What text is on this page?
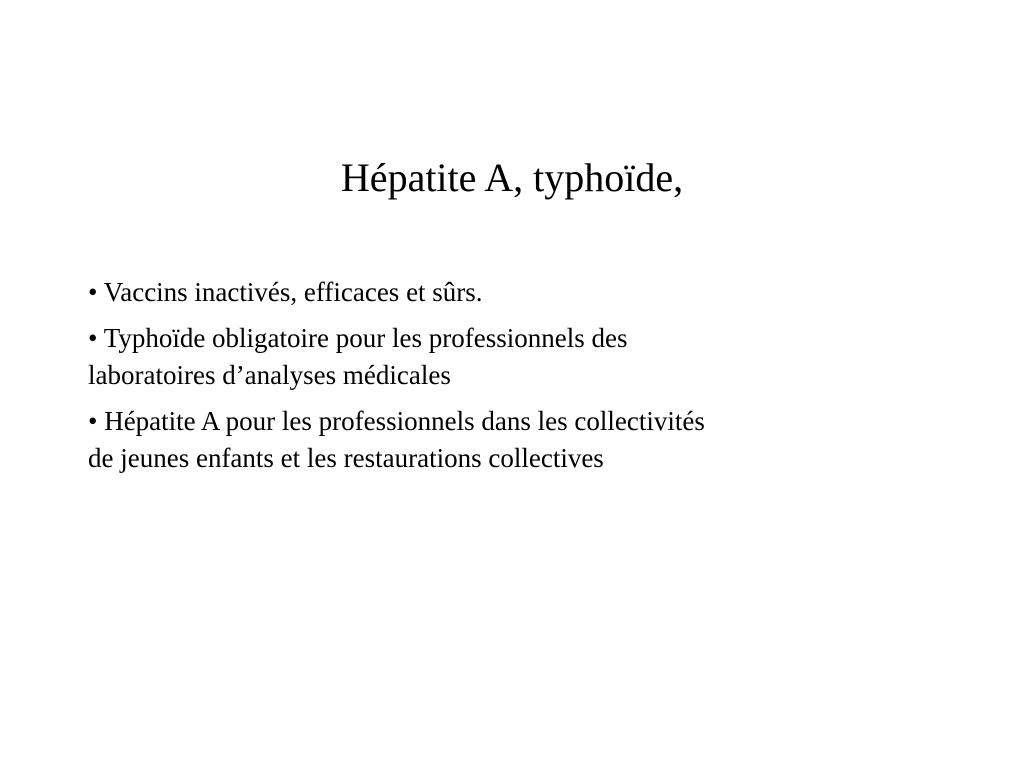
Hépatite A, typhoïde,
• Vaccins inactivés, efficaces et sûrs.
• Typhoïde obligatoire pour les professionnels des
laboratoires d’analyses médicales
• Hépatite A pour les professionnels dans les collectivités
de jeunes enfants et les restaurations collectives
